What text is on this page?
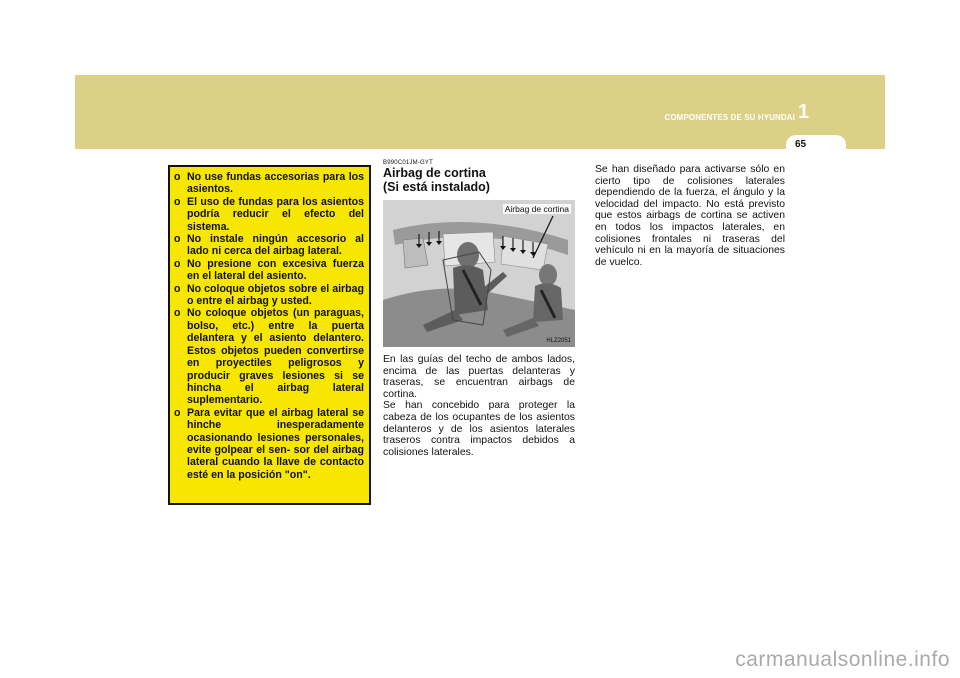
COMPONENTES DE SU HYUNDAI 1
65
o No use fundas accesorias para los asientos.
o El uso de fundas para los asientos podría reducir el efecto del sistema.
o No instale ningún accesorio al lado ni cerca del airbag lateral.
o No presione con excesiva fuerza en el lateral del asiento.
o No coloque objetos sobre el airbag o entre el airbag y usted.
o No coloque objetos (un paraguas, bolso, etc.) entre la puerta delantera y el asiento delantero. Estos objetos pueden convertirse en proyectiles peligrosos y producir graves lesiones si se hincha el airbag lateral suplementario.
o Para evitar que el airbag lateral se hinche inesperadamente ocasionando lesiones personales, evite golpear el sen- sor del airbag lateral cuando la llave de contacto esté en la posición "on".
B990C01JM-GYT
Airbag de cortina
(Si está instalado)
Airbag de cortina
HLZ2051

En las guías del techo de ambos lados, encima de las puertas delanteras y traseras, se encuentran airbags de cortina.

Se han concebido para proteger la cabeza de los ocupantes de los asientos delanteros y de los asientos laterales traseros contra impactos debidos a colisiones laterales.

Se han diseñado para activarse sólo en cierto tipo de colisiones laterales dependiendo de la fuerza, el ángulo y la velocidad del impacto. No está previsto que estos airbags de cortina se activen en todos los impactos laterales, en colisiones frontales ni traseras del vehículo ni en la mayoría de situaciones de vuelco.

carmanualsonline.info
